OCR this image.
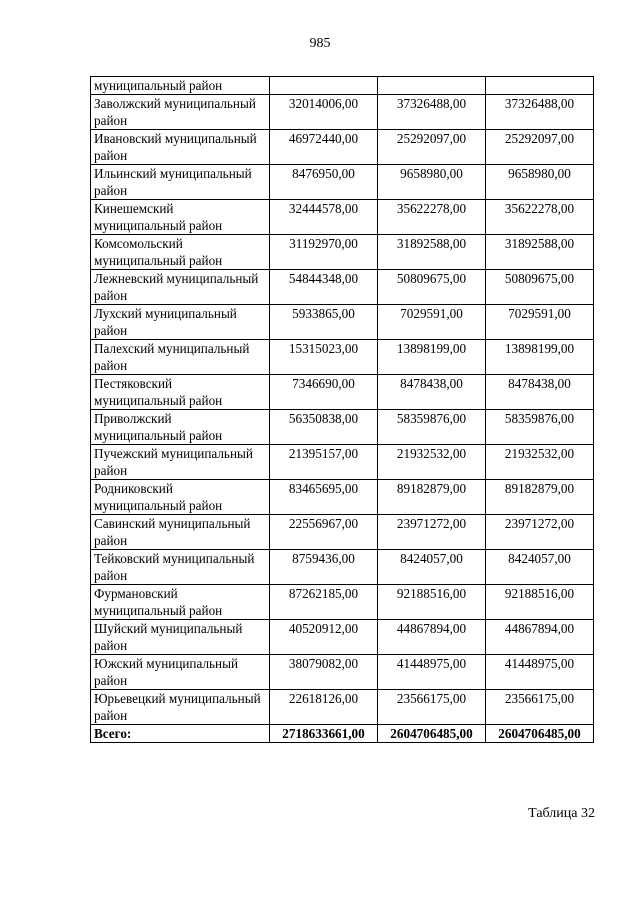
985
муниципальный район			
Заволжский муниципальный район	32014006,00	37326488,00	37326488,00
Ивановский муниципальный район	46972440,00	25292097,00	25292097,00
Ильинский муниципальный район	8476950,00	9658980,00	9658980,00
Кинешемский муниципальный район	32444578,00	35622278,00	35622278,00
Комсомольский муниципальный район	31192970,00	31892588,00	31892588,00
Лежневский муниципальный район	54844348,00	50809675,00	50809675,00
Лухский муниципальный район	5933865,00	7029591,00	7029591,00
Палехский муниципальный район	15315023,00	13898199,00	13898199,00
Пестяковский муниципальный район	7346690,00	8478438,00	8478438,00
Приволжский муниципальный район	56350838,00	58359876,00	58359876,00
Пучежский муниципальный район	21395157,00	21932532,00	21932532,00
Родниковский муниципальный район	83465695,00	89182879,00	89182879,00
Савинский муниципальный район	22556967,00	23971272,00	23971272,00
Тейковский муниципальный район	8759436,00	8424057,00	8424057,00
Фурмановский муниципальный район	87262185,00	92188516,00	92188516,00
Шуйский муниципальный район	40520912,00	44867894,00	44867894,00
Южский муниципальный район	38079082,00	41448975,00	41448975,00
Юрьевецкий муниципальный район	22618126,00	23566175,00	23566175,00
Всего:	2718633661,00	2604706485,00	2604706485,00
Таблица 32
